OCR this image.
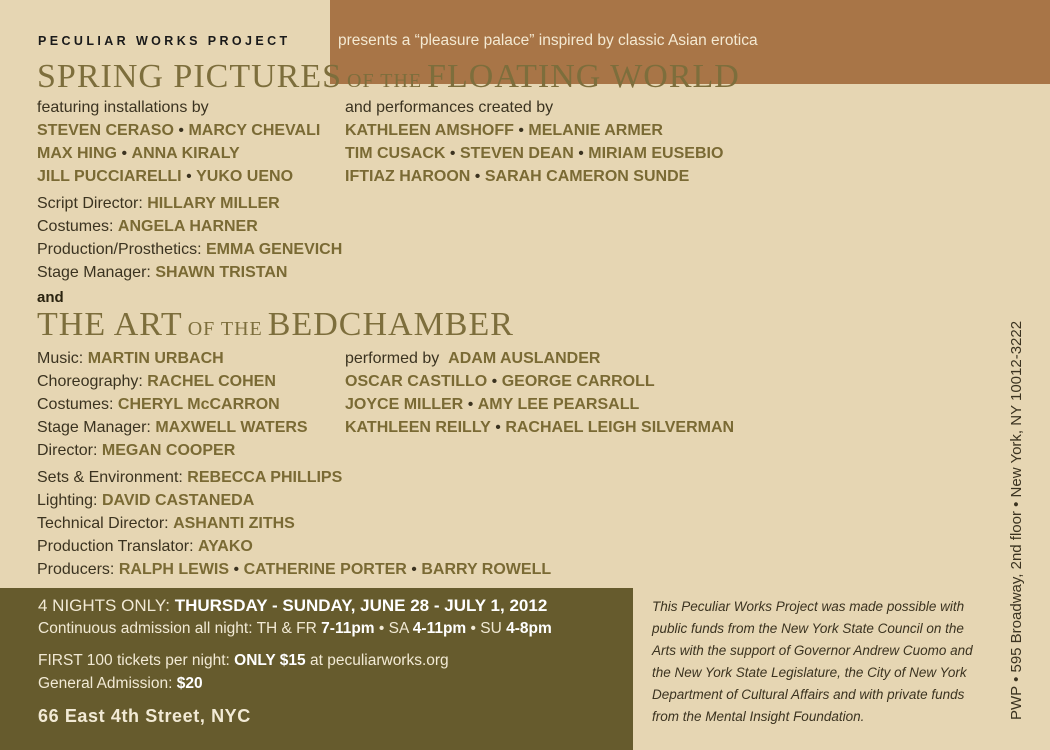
PECULIAR WORKS PROJECT	presents a “pleasure palace” inspired by classic Asian erotica
SPRING PICTURES OF THE FLOATING WORLD
featuring installations by
STEVEN CERASO • MARCY CHEVALI
MAX HING • ANNA KIRALY
JILL PUCCIARELLI • YUKO UENO
and performances created by
KATHLEEN AMSHOFF • MELANIE ARMER
TIM CUSACK • STEVEN DEAN • MIRIAM EUSEBIO
IFTIAZ HAROON • SARAH CAMERON SUNDE
Script Director: HILLARY MILLER
Costumes: ANGELA HARNER
Production/Prosthetics: EMMA GENEVICH
Stage Manager: SHAWN TRISTAN
and
THE ART OF THE BEDCHAMBER
Music: MARTIN URBACH
Choreography: RACHEL COHEN
Costumes: CHERYL McCARRON
Stage Manager: MAXWELL WATERS
Director: MEGAN COOPER
performed by ADAM AUSLANDER
OSCAR CASTILLO • GEORGE CARROLL
JOYCE MILLER • AMY LEE PEARSALL
KATHLEEN REILLY • RACHAEL LEIGH SILVERMAN
Sets & Environment: REBECCA PHILLIPS
Lighting: DAVID CASTANEDA
Technical Director: ASHANTI ZITHS
Production Translator: AYAKO
Producers: RALPH LEWIS • CATHERINE PORTER • BARRY ROWELL
4 NIGHTS ONLY: THURSDAY - SUNDAY, JUNE 28 - JULY 1, 2012
Continuous admission all night: TH & FR 7-11pm • SA 4-11pm • SU 4-8pm
FIRST 100 tickets per night: ONLY $15 at peculiarworks.org
General Admission: $20
66 East 4th Street, NYC
This Peculiar Works Project was made possible with public funds from the New York State Council on the Arts with the support of Governor Andrew Cuomo and the New York State Legislature, the City of New York Department of Cultural Affairs and with private funds from the Mental Insight Foundation.	PWP • 595 Broadway, 2nd floor • New York, NY 10012-3222
